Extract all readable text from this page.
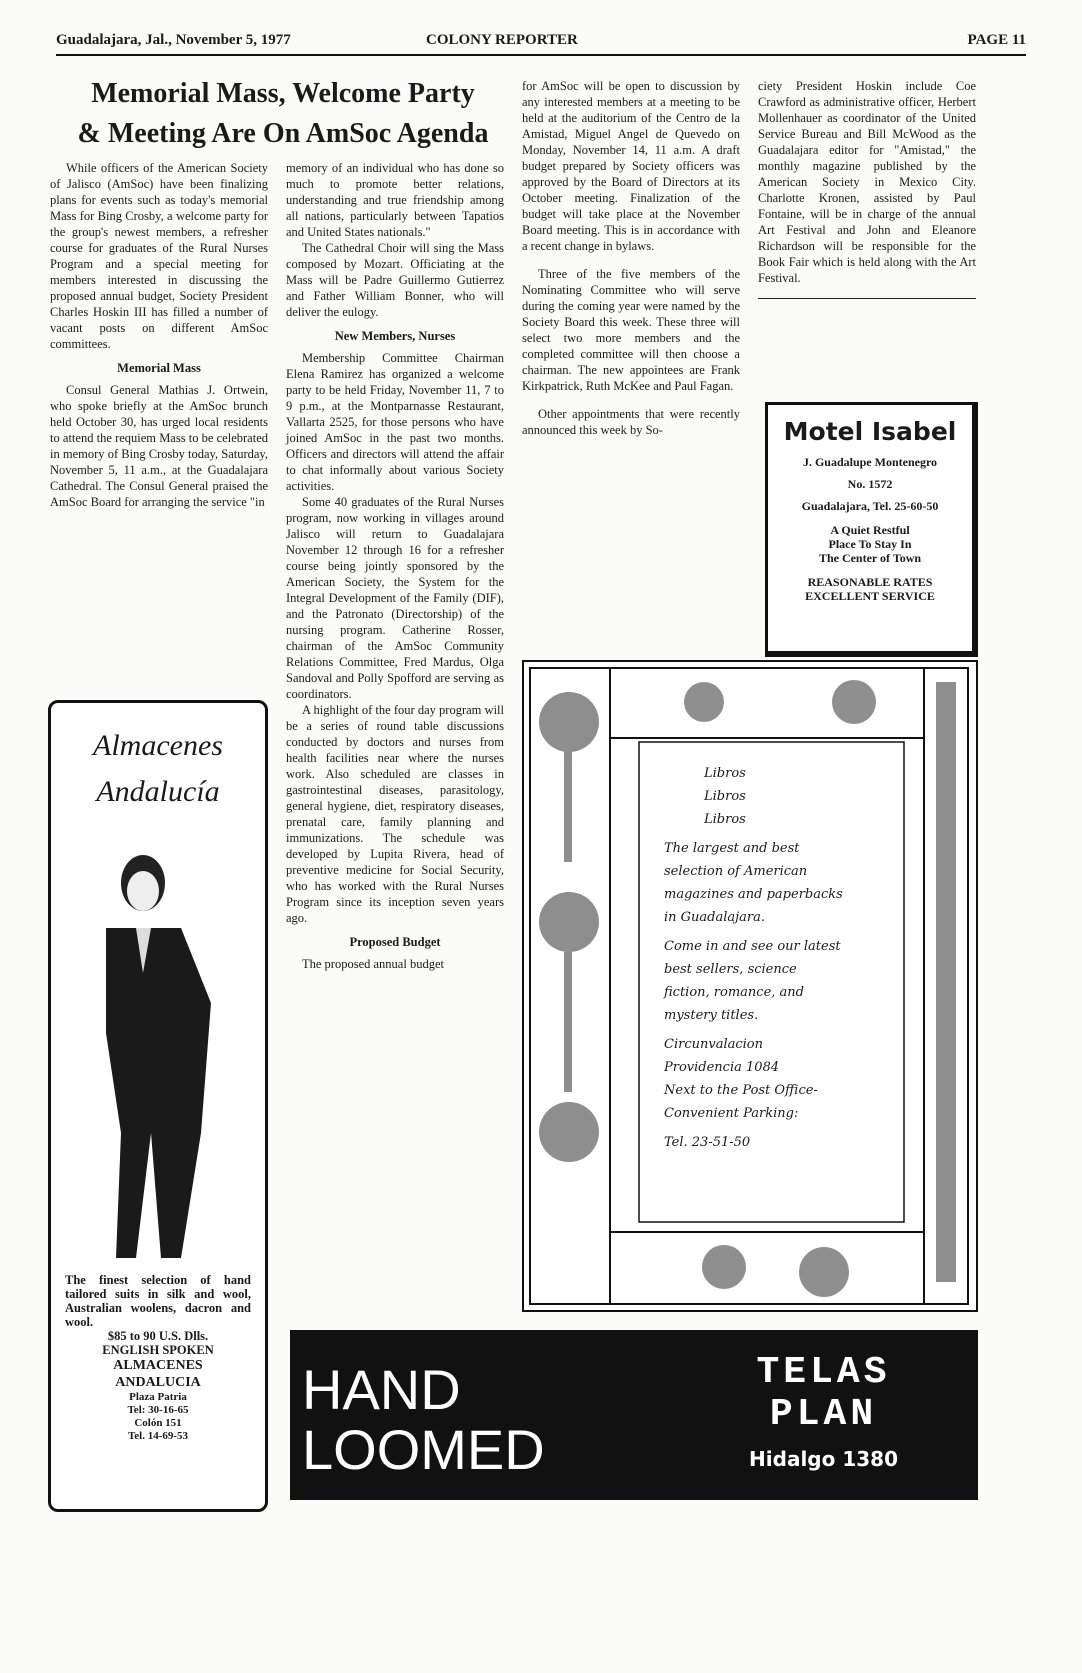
Guadalajara, Jal., November 5, 1977	COLONY REPORTER	PAGE 11
Memorial Mass, Welcome Party
& Meeting Are On AmSoc Agenda

While officers of the American Society of Jalisco (AmSoc) have been finalizing plans for events such as today's memorial Mass for Bing Crosby, a welcome party for the group's newest members, a refresher course for graduates of the Rural Nurses Program and a special meeting for members interested in discussing the proposed annual budget, Society President Charles Hoskin III has filled a number of vacant posts on different AmSoc committees.

Memorial Mass

Consul General Mathias J. Ortwein, who spoke briefly at the AmSoc brunch held October 30, has urged local residents to attend the requiem Mass to be celebrated in memory of Bing Crosby today, Saturday, November 5, 11 a.m., at the Guadalajara Cathedral. The Consul General praised the AmSoc Board for arranging the service "in

memory of an individual who has done so much to promote better relations, understanding and true friendship among all nations, particularly between Tapatios and United States nationals."

The Cathedral Choir will sing the Mass composed by Mozart. Officiating at the Mass will be Padre Guillermo Gutierrez and Father William Bonner, who will deliver the eulogy.

New Members, Nurses

Membership Committee Chairman Elena Ramirez has organized a welcome party to be held Friday, November 11, 7 to 9 p.m., at the Montparnasse Restaurant, Vallarta 2525, for those persons who have joined AmSoc in the past two months. Officers and directors will attend the affair to chat informally about various Society activities.

Some 40 graduates of the Rural Nurses program, now working in villages around Jalisco will return to Guadalajara November 12 through 16 for a refresher course being jointly sponsored by the American Society, the System for the Integral Development of the Family (DIF), and the Patronato (Directorship) of the nursing program. Catherine Rosser, chairman of the AmSoc Community Relations Committee, Fred Mardus, Olga Sandoval and Polly Spofford are serving as coordinators.

A highlight of the four day program will be a series of round table discussions conducted by doctors and nurses from health facilities near where the nurses work. Also scheduled are classes in gastrointestinal diseases, parasitology, general hygiene, diet, respiratory diseases, prenatal care, family planning and immunizations. The schedule was developed by Lupita Rivera, head of preventive medicine for Social Security, who has worked with the Rural Nurses Program since its inception seven years ago.

Proposed Budget

The proposed annual budget

for AmSoc will be open to discussion by any interested members at a meeting to be held at the auditorium of the Centro de la Amistad, Miguel Angel de Quevedo on Monday, November 14, 11 a.m. A draft budget prepared by Society officers was approved by the Board of Directors at its October meeting. Finalization of the budget will take place at the November Board meeting. This is in accordance with a recent change in bylaws.

Three of the five members of the Nominating Committee who will serve during the coming year were named by the Society Board this week. These three will select two more members and the completed committee will then choose a chairman. The new appointees are Frank Kirkpatrick, Ruth McKee and Paul Fagan.

Other appointments that were recently announced this week by So-

ciety President Hoskin include Coe Crawford as administrative officer, Herbert Mollenhauer as coordinator of the United Service Bureau and Bill McWood as the Guadalajara editor for "Amistad," the monthly magazine published by the American Society in Mexico City. Charlotte Kronen, assisted by Paul Fontaine, will be in charge of the annual Art Festival and John and Eleanore Richardson will be responsible for the Book Fair which is held along with the Art Festival.

Almacenes
Andalucía
The finest selection of hand tailored suits in silk and wool, Australian woolens, dacron and wool.
$85 to 90 U.S. Dlls.
ENGLISH SPOKEN
ALMACENES
ANDALUCIA
Plaza Patria
Tel: 30-16-65
Colón 151
Tel. 14-69-53
Motel Isabel
J. Guadalupe Montenegro
No. 1572
Guadalajara, Tel. 25-60-50
A Quiet Restful
Place To Stay In
The Center of Town
REASONABLE RATES
EXCELLENT SERVICE
Libros
Libros
Libros
The largest and best
selection of American
magazines and paperbacks
in Guadalajara.
Come in and see our latest
best sellers, science
fiction, romance, and
mystery titles.
Circunvalacion
Providencia 1084
Next to the Post Office-
Convenient Parking:
Tel. 23-51-50
HAND
LOOMED
TELAS
PLAN
Hidalgo 1380
